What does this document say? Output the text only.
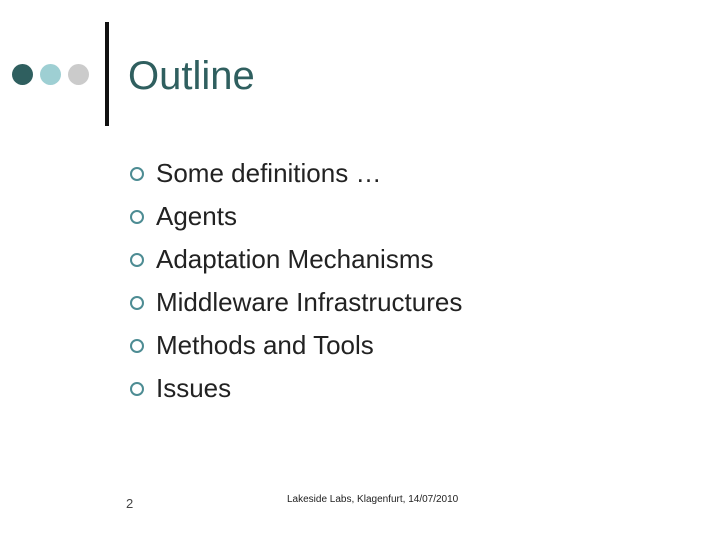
Outline
Some definitions …
Agents
Adaptation Mechanisms
Middleware Infrastructures
Methods and Tools
Issues
2	Lakeside Labs, Klagenfurt, 14/07/2010
